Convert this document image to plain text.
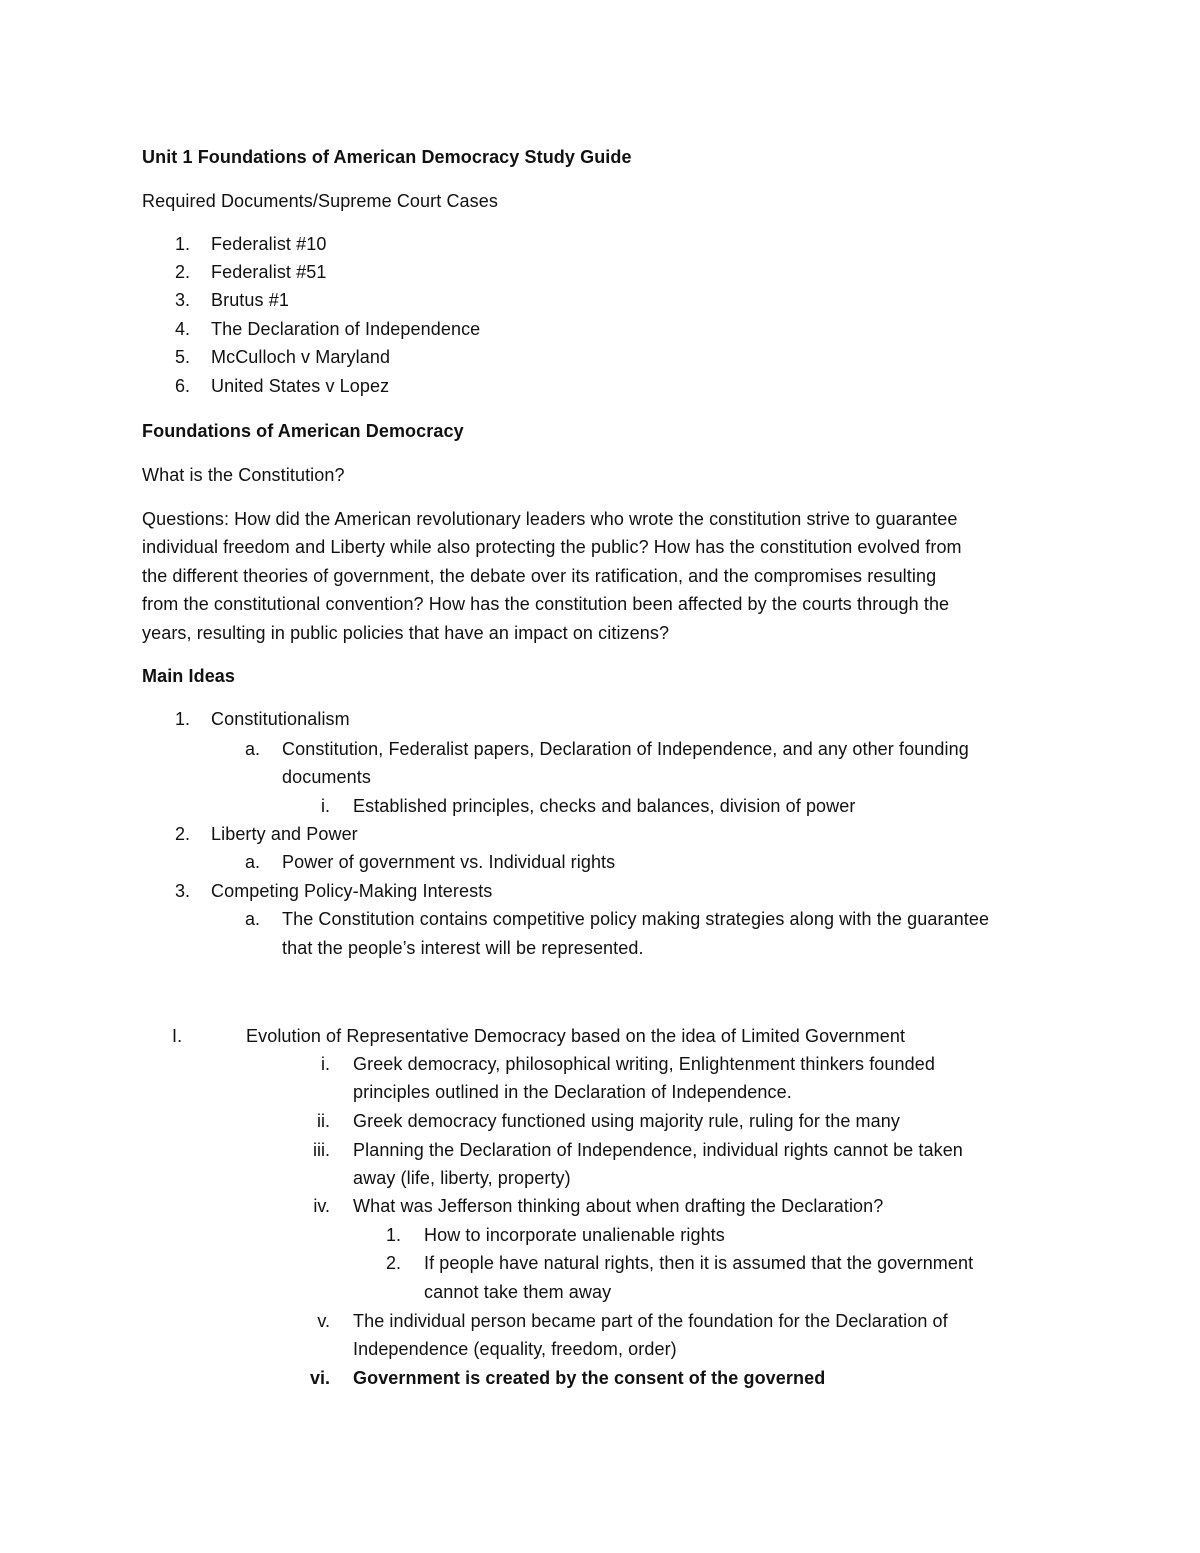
Unit 1 Foundations of American Democracy Study Guide
Required Documents/Supreme Court Cases
1. Federalist #10
2. Federalist #51
3. Brutus #1
4. The Declaration of Independence
5. McCulloch v Maryland
6. United States v Lopez
Foundations of American Democracy
What is the Constitution?
Questions: How did the American revolutionary leaders who wrote the constitution strive to guarantee
individual freedom and Liberty while also protecting the public? How has the constitution evolved from
the different theories of government, the debate over its ratification, and the compromises resulting
from the constitutional convention? How has the constitution been affected by the courts through the
years, resulting in public policies that have an impact on citizens?
Main Ideas
1. Constitutionalism
a. Constitution, Federalist papers, Declaration of Independence, and any other founding
documents
i. Established principles, checks and balances, division of power
2. Liberty and Power
a. Power of government vs. Individual rights
3. Competing Policy-Making Interests
a. The Constitution contains competitive policy making strategies along with the guarantee
that the people’s interest will be represented.
I.	Evolution of Representative Democracy based on the idea of Limited Government
i. Greek democracy, philosophical writing, Enlightenment thinkers founded
principles outlined in the Declaration of Independence.
ii. Greek democracy functioned using majority rule, ruling for the many
iii. Planning the Declaration of Independence, individual rights cannot be taken
away (life, liberty, property)
iv. What was Jefferson thinking about when drafting the Declaration?
1. How to incorporate unalienable rights
2. If people have natural rights, then it is assumed that the government
cannot take them away
v. The individual person became part of the foundation for the Declaration of
Independence (equality, freedom, order)
vi. Government is created by the consent of the governed
